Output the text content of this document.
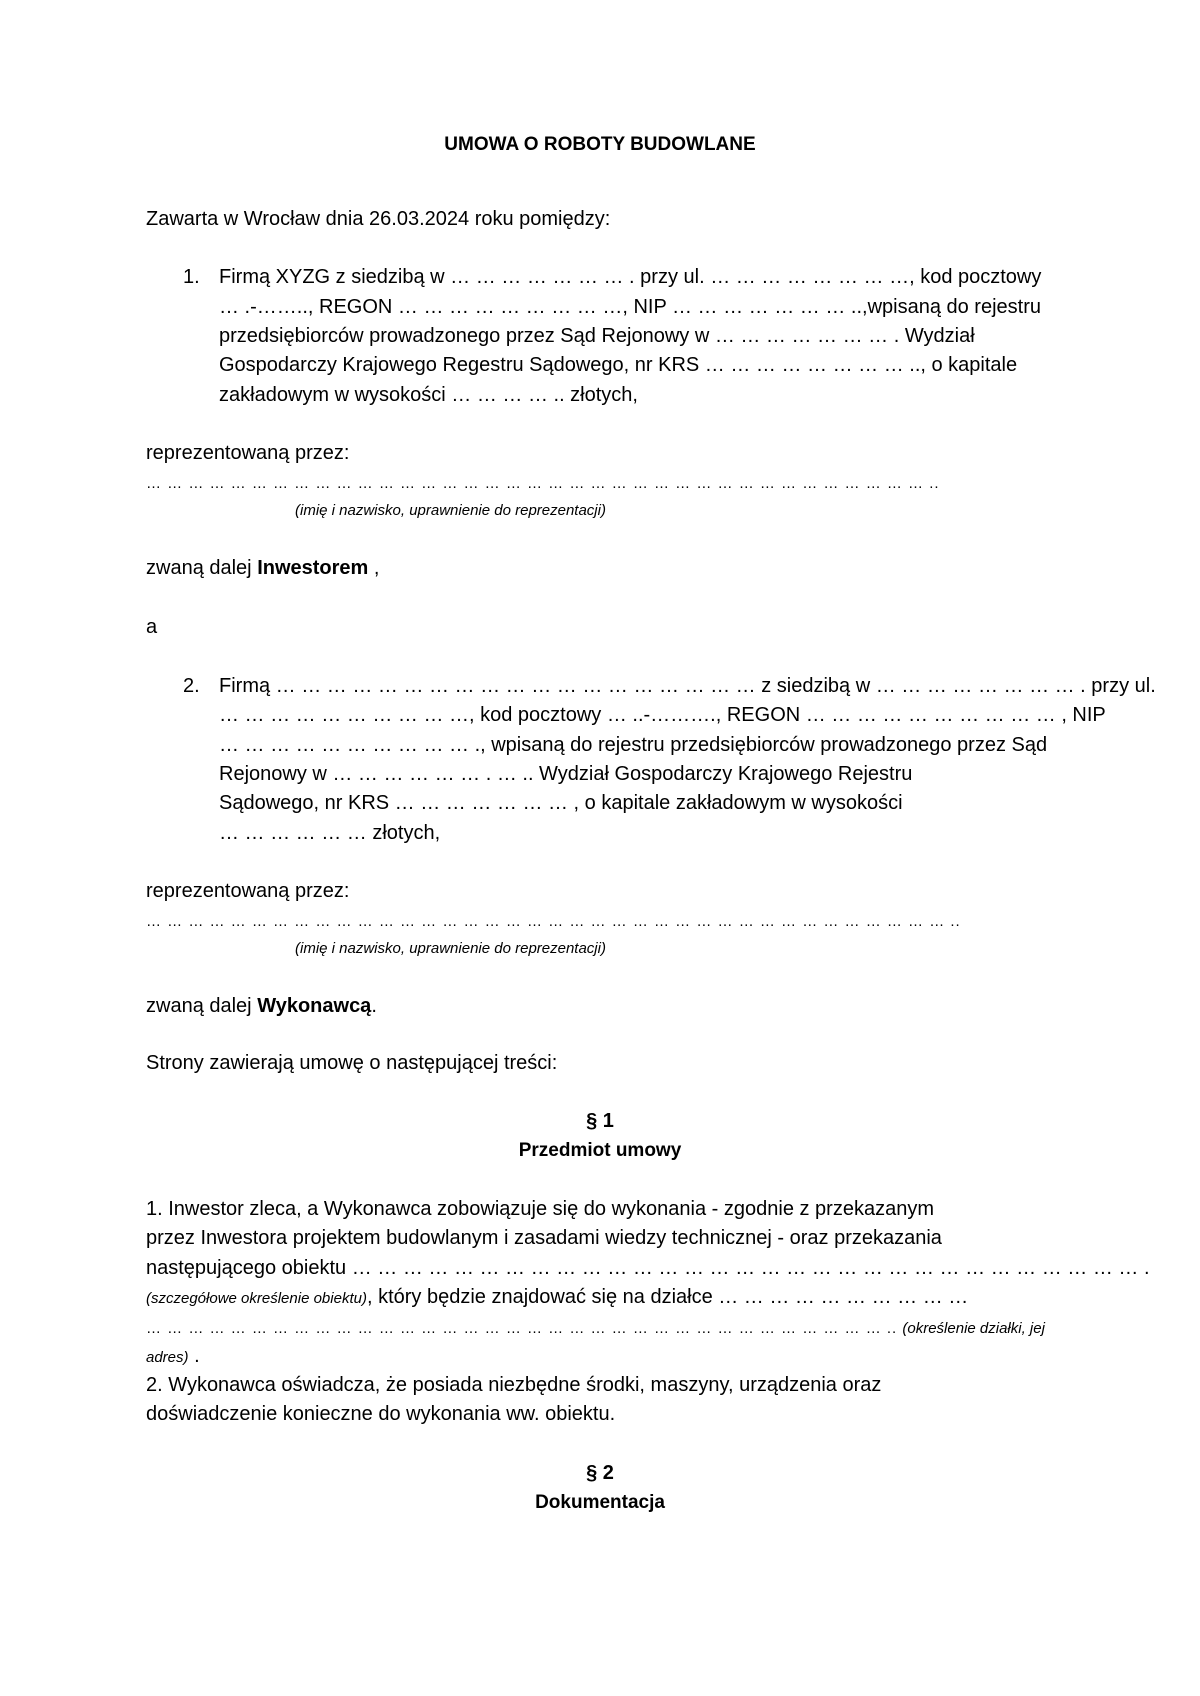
UMOWA O ROBOTY BUDOWLANE
Zawarta w Wrocław dnia 26.03.2024 roku pomiędzy:
1. Firmą XYZG z siedzibą w … … … … … … … . przy ul. … … … … … … … …, kod pocztowy
… .-…….., REGON … … … … … … … … …, NIP … … … … … … … ..,wpisaną do rejestru
przedsiębiorców prowadzonego przez Sąd Rejonowy w … … … … … … … . Wydział
Gospodarczy Krajowego Regestru Sądowego, nr KRS … … … … … … … … .., o kapitale
zakładowym w wysokości … … … … .. złotych,
reprezentowaną przez:
… … … … … … … … … … … … … … … … … … … … … … … … … … … … … … … … … … … … … ..
(imię i nazwisko, uprawnienie do reprezentacji)
zwaną dalej Inwestorem ,
a
2. Firmą … … … … … … … … … … … … … … … … … … … z siedzibą w … … … … … … … … . przy ul.
… … … … … … … … … …, kod pocztowy … ..-………., REGON … … … … … … … … … … , NIP
… … … … … … … … … … ., wpisaną do rejestru przedsiębiorców prowadzonego przez Sąd
Rejonowy w … … … … … … . … .. Wydział Gospodarczy Krajowego Rejestru
Sądowego, nr KRS … … … … … … … , o kapitale zakładowym w wysokości
… … … … … … złotych,
reprezentowaną przez:
… … … … … … … … … … … … … … … … … … … … … … … … … … … … … … … … … … … … … … ..
(imię i nazwisko, uprawnienie do reprezentacji)
zwaną dalej Wykonawcą.
Strony zawierają umowę o następującej treści:
§ 1
Przedmiot umowy
1. Inwestor zleca, a Wykonawca zobowiązuje się do wykonania - zgodnie z przekazanym
przez Inwestora projektem budowlanym i zasadami wiedzy technicznej - oraz przekazania
następującego obiektu … … … … … … … … … … … … … … … … … … … … … … … … … … … … … … … .
(szczegółowe określenie obiektu), który będzie znajdować się na działce … … … … … … … … … …
… … … … … … … … … … … … … … … … … … … … … … … … … … … … … … … … … … … .. (określenie działki, jej
adres) .
2. Wykonawca oświadcza, że posiada niezbędne środki, maszyny, urządzenia oraz
doświadczenie konieczne do wykonania ww. obiektu.
§ 2
Dokumentacja
